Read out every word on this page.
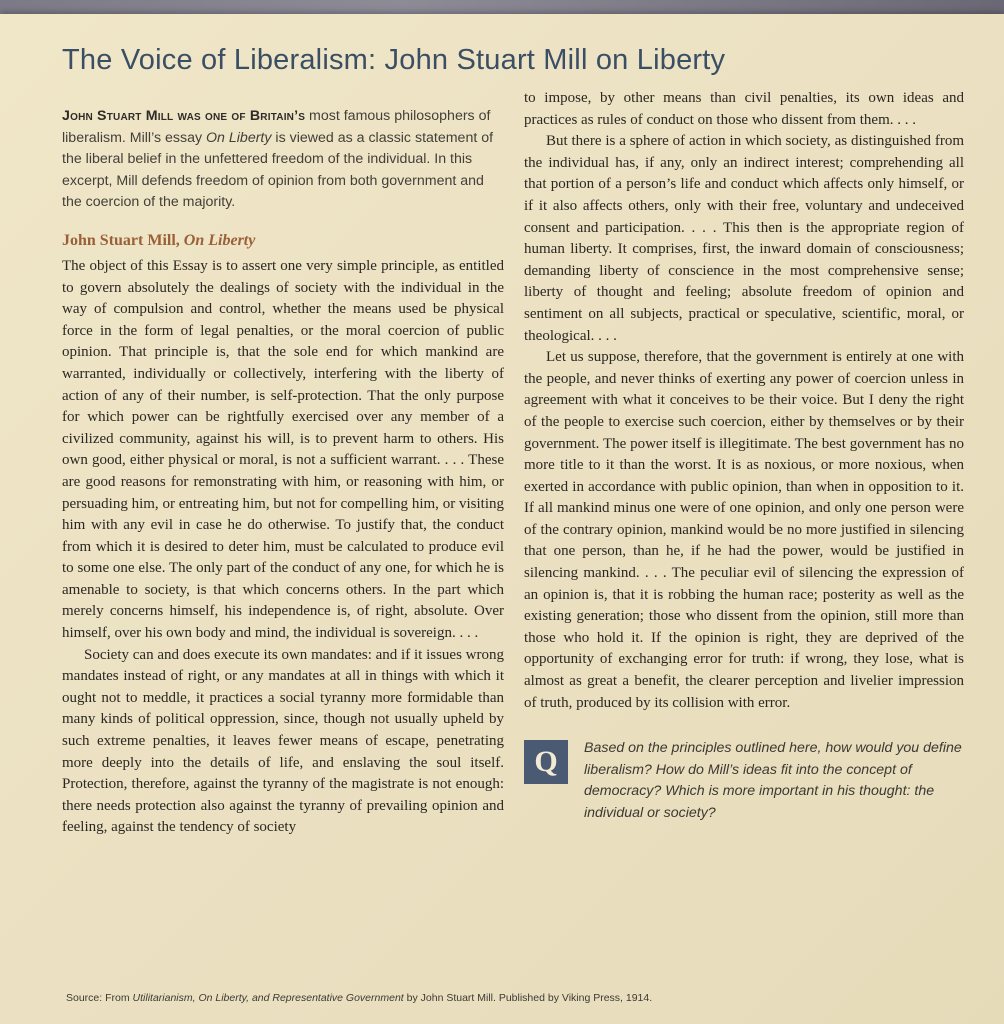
The Voice of Liberalism: John Stuart Mill on Liberty

John Stuart Mill was one of Britain’s most famous philosophers of liberalism. Mill’s essay On Liberty is viewed as a classic statement of the liberal belief in the unfettered freedom of the individual. In this excerpt, Mill defends freedom of opinion from both government and the coercion of the majority.

John Stuart Mill, On Liberty

The object of this Essay is to assert one very simple principle, as entitled to govern absolutely the dealings of society with the individual in the way of compulsion and control, whether the means used be physical force in the form of legal penalties, or the moral coercion of public opinion. That principle is, that the sole end for which mankind are warranted, individually or collectively, interfering with the liberty of action of any of their number, is self-protection. That the only purpose for which power can be rightfully exercised over any member of a civilized community, against his will, is to prevent harm to others. His own good, either physical or moral, is not a sufficient warrant. . . . These are good reasons for remonstrating with him, or reasoning with him, or persuading him, or entreating him, but not for compelling him, or visiting him with any evil in case he do otherwise. To justify that, the conduct from which it is desired to deter him, must be calculated to produce evil to some one else. The only part of the conduct of any one, for which he is amenable to society, is that which concerns others. In the part which merely concerns himself, his independence is, of right, absolute. Over himself, over his own body and mind, the individual is sovereign. . . .

Society can and does execute its own mandates: and if it issues wrong mandates instead of right, or any mandates at all in things with which it ought not to meddle, it practices a social tyranny more formidable than many kinds of political oppression, since, though not usually upheld by such extreme penalties, it leaves fewer means of escape, penetrating more deeply into the details of life, and enslaving the soul itself. Protection, therefore, against the tyranny of the magistrate is not enough: there needs protection also against the tyranny of prevailing opinion and feeling, against the tendency of society

to impose, by other means than civil penalties, its own ideas and practices as rules of conduct on those who dissent from them. . . .

But there is a sphere of action in which society, as distinguished from the individual has, if any, only an indirect interest; comprehending all that portion of a person’s life and conduct which affects only himself, or if it also affects others, only with their free, voluntary and undeceived consent and participation. . . . This then is the appropriate region of human liberty. It comprises, first, the inward domain of consciousness; demanding liberty of conscience in the most comprehensive sense; liberty of thought and feeling; absolute freedom of opinion and sentiment on all subjects, practical or speculative, scientific, moral, or theological. . . .

Let us suppose, therefore, that the government is entirely at one with the people, and never thinks of exerting any power of coercion unless in agreement with what it conceives to be their voice. But I deny the right of the people to exercise such coercion, either by themselves or by their government. The power itself is illegitimate. The best government has no more title to it than the worst. It is as noxious, or more noxious, when exerted in accordance with public opinion, than when in opposition to it. If all mankind minus one were of one opinion, and only one person were of the contrary opinion, mankind would be no more justified in silencing that one person, than he, if he had the power, would be justified in silencing mankind. . . . The peculiar evil of silencing the expression of an opinion is, that it is robbing the human race; posterity as well as the existing generation; those who dissent from the opinion, still more than those who hold it. If the opinion is right, they are deprived of the opportunity of exchanging error for truth: if wrong, they lose, what is almost as great a benefit, the clearer perception and livelier impression of truth, produced by its collision with error.

Q	Based on the principles outlined here, how would you define liberalism? How do Mill’s ideas fit into the concept of democracy? Which is more important in his thought: the individual or society?

Source: From Utilitarianism, On Liberty, and Representative Government by John Stuart Mill. Published by Viking Press, 1914.
